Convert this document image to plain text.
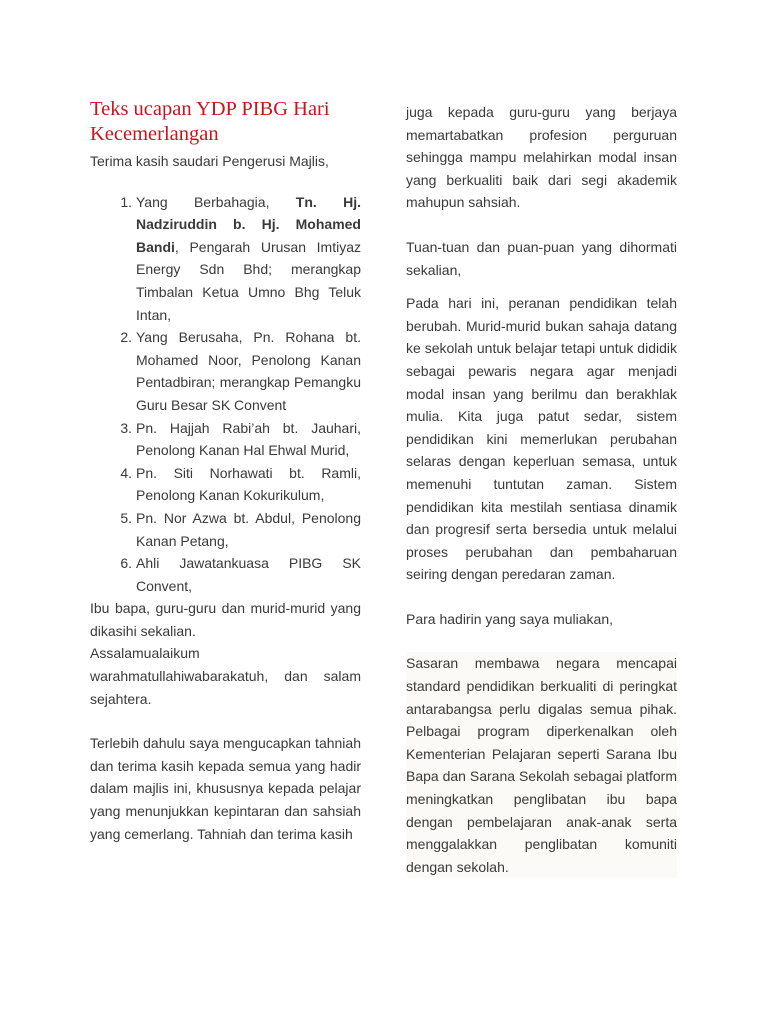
Teks ucapan YDP PIBG Hari Kecemerlangan

Terima kasih saudari Pengerusi Majlis,

1. Yang Berbahagia, Tn. Hj. Nadziruddin b. Hj. Mohamed Bandi, Pengarah Urusan Imtiyaz Energy Sdn Bhd; merangkap Timbalan Ketua Umno Bhg Teluk Intan,
2. Yang Berusaha, Pn. Rohana bt. Mohamed Noor, Penolong Kanan Pentadbiran; merangkap Pemangku Guru Besar SK Convent
3. Pn. Hajjah Rabi’ah bt. Jauhari, Penolong Kanan Hal Ehwal Murid,
4. Pn. Siti Norhawati bt. Ramli, Penolong Kanan Kokurikulum,
5. Pn. Nor Azwa bt. Abdul, Penolong Kanan Petang,
6. Ahli Jawatankuasa PIBG SK Convent,

Ibu bapa, guru-guru dan murid-murid yang dikasihi sekalian.

Assalamualaikum warahmatullahiwabarakatuh, dan salam sejahtera.

Terlebih dahulu saya mengucapkan tahniah dan terima kasih kepada semua yang hadir dalam majlis ini, khususnya kepada pelajar yang menunjukkan kepintaran dan sahsiah yang cemerlang. Tahniah dan terima kasih

juga kepada guru-guru yang berjaya memartabatkan profesion perguruan sehingga mampu melahirkan modal insan yang berkualiti baik dari segi akademik mahupun sahsiah.

Tuan-tuan dan puan-puan yang dihormati sekalian,

Pada hari ini, peranan pendidikan telah berubah. Murid-murid bukan sahaja datang ke sekolah untuk belajar tetapi untuk dididik sebagai pewaris negara agar menjadi modal insan yang berilmu dan berakhlak mulia. Kita juga patut sedar, sistem pendidikan kini memerlukan perubahan selaras dengan keperluan semasa, untuk memenuhi tuntutan zaman. Sistem pendidikan kita mestilah sentiasa dinamik dan progresif serta bersedia untuk melalui proses perubahan dan pembaharuan seiring dengan peredaran zaman.

Para hadirin yang saya muliakan,

Sasaran membawa negara mencapai standard pendidikan berkualiti di peringkat antarabangsa perlu digalas semua pihak. Pelbagai program diperkenalkan oleh Kementerian Pelajaran seperti Sarana Ibu Bapa dan Sarana Sekolah sebagai platform meningkatkan penglibatan ibu bapa dengan pembelajaran anak-anak serta menggalakkan penglibatan komuniti dengan sekolah.
